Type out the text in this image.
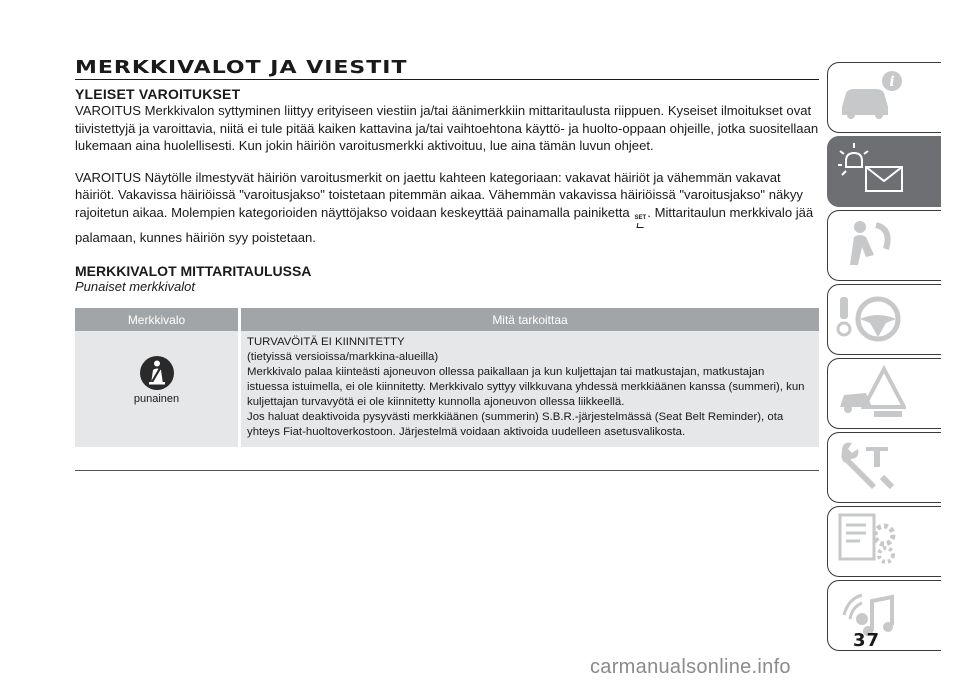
MERKKIVALOT JA VIESTIT
YLEISET VAROITUKSET

VAROITUS Merkkivalon syttyminen liittyy erityiseen viestiin ja/tai äänimerkkiin mittaritaulusta riippuen. Kyseiset ilmoitukset ovat tiivistettyjä ja varoittavia, niitä ei tule pitää kaiken kattavina ja/tai vaihtoehtona käyttö- ja huolto-oppaan ohjeille, jotka suositellaan lukemaan aina huolellisesti. Kun jokin häiriön varoitusmerkki aktivoituu, lue aina tämän luvun ohjeet.

VAROITUS Näytölle ilmestyvät häiriön varoitusmerkit on jaettu kahteen kategoriaan: vakavat häiriöt ja vähemmän vakavat häiriöt. Vakavissa häiriöissä "varoitusjakso" toistetaan pitemmän aikaa. Vähemmän vakavissa häiriöissä "varoitusjakso" näkyy rajoitetun aikaa. Molempien kategorioiden näyttöjakso voidaan keskeyttää painamalla painiketta SET
. Mittaritaulun merkkivalo jää palamaan, kunnes häiriön syy poistetaan.

MERKKIVALOT MITTARITAULUSSA
Punaiset merkkivalot
Merkkivalo	Mitä tarkoittaa

punainen	TURVAVÖITÄ EI KIINNITETTY
(tietyissä versioissa/markkina-alueilla)
Merkkivalo palaa kiinteästi ajoneuvon ollessa paikallaan ja kun kuljettajan tai matkustajan, matkustajan istuessa istuimella, ei ole kiinnitetty. Merkkivalo syttyy vilkkuvana yhdessä merkkiäänen kanssa (summeri), kun kuljettajan turvavyötä ei ole kiinnitetty kunnolla ajoneuvon ollessa liikkeellä.
Jos haluat deaktivoida pysyvästi merkkiäänen (summerin) S.B.R.-järjestelmässä (Seat Belt Reminder), ota yhteys Fiat-huoltoverkostoon. Järjestelmä voidaan aktivoida uudelleen asetusvalikosta.
i
37
carmanualsonline.info
